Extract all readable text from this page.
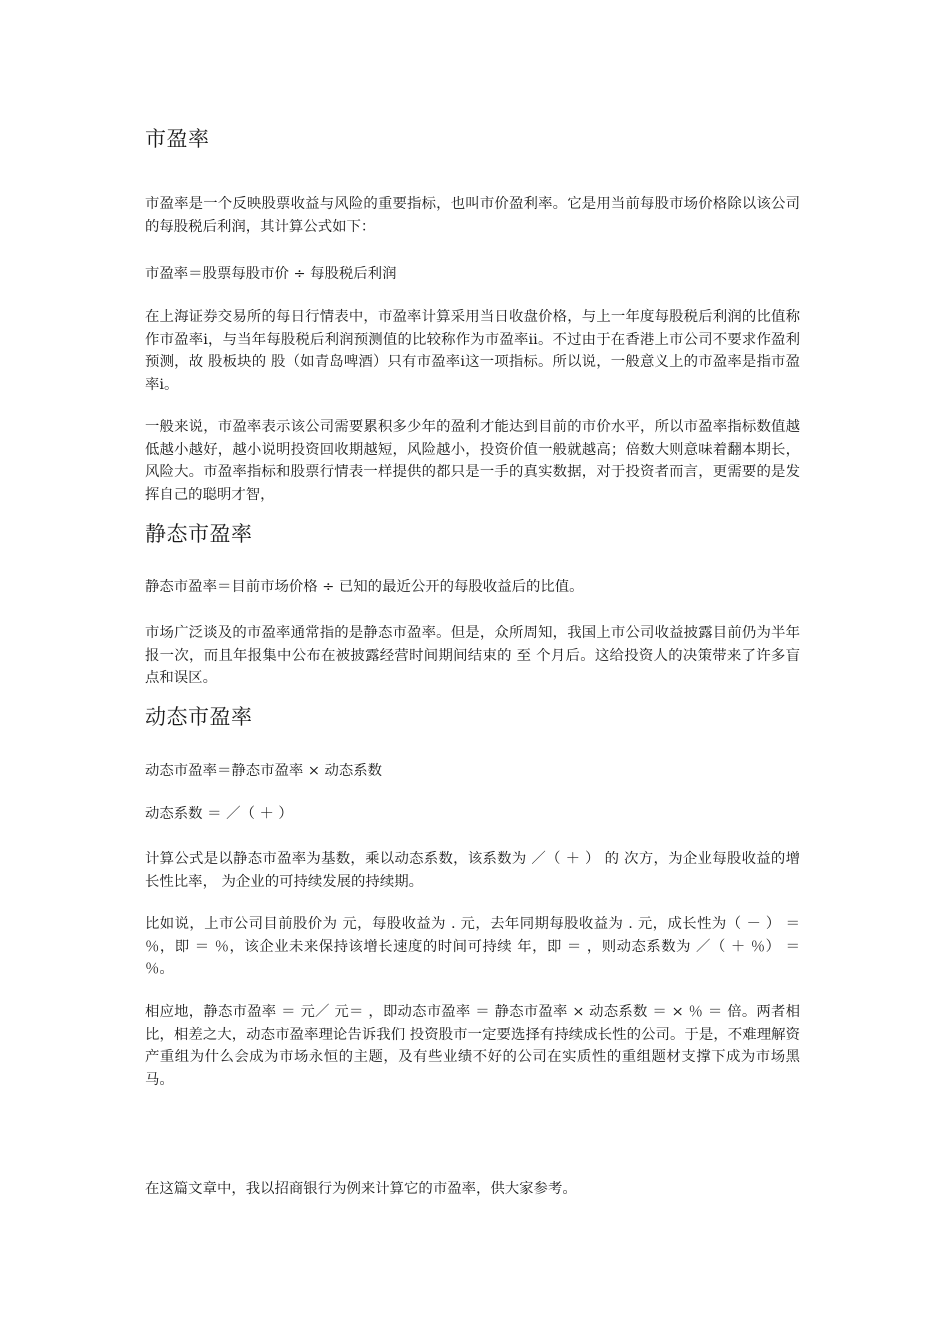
市盈率
市盈率是一个反映股票收益与风险的重要指标，也叫市价盈利率。它是用当前每股市场价格除以该公司的每股税后利润，其计算公式如下：
市盈率＝股票每股市价 ÷ 每股税后利润
在上海证券交易所的每日行情表中，市盈率计算采用当日收盘价格，与上一年度每股税后利润的比值称作市盈率ⅰ，与当年每股税后利润预测值的比较称作为市盈率ⅱ。不过由于在香港上市公司不要求作盈利预测，故 股板块的 股（如青岛啤酒）只有市盈率ⅰ这一项指标。所以说，一般意义上的市盈率是指市盈率ⅰ。
一般来说，市盈率表示该公司需要累积多少年的盈利才能达到目前的市价水平，所以市盈率指标数值越低越小越好，越小说明投资回收期越短，风险越小，投资价值一般就越高；倍数大则意味着翻本期长，风险大。市盈率指标和股票行情表一样提供的都只是一手的真实数据，对于投资者而言，更需要的是发挥自己的聪明才智，
静态市盈率
静态市盈率＝目前市场价格 ÷ 已知的最近公开的每股收益后的比值。
市场广泛谈及的市盈率通常指的是静态市盈率。但是，众所周知，我国上市公司收益披露目前仍为半年报一次，而且年报集中公布在被披露经营时间期间结束的 至 个月后。这给投资人的决策带来了许多盲点和误区。
动态市盈率
动态市盈率＝静态市盈率 × 动态系数
动态系数 ＝ ／（ ＋ ）
计算公式是以静态市盈率为基数，乘以动态系数，该系数为 ／（ ＋ ） 的 次方，为企业每股收益的增长性比率， 为企业的可持续发展的持续期。
比如说，上市公司目前股价为 元，每股收益为 . 元，去年同期每股收益为 . 元，成长性为（ － ） ＝ ％，即 ＝ ％，该企业未来保持该增长速度的时间可持续 年，即 ＝ ，则动态系数为 ／（ ＋ ％） ＝ ％。
相应地，静态市盈率 ＝ 元／ 元＝ ，即动态市盈率 ＝ 静态市盈率 × 动态系数 ＝ × ％ ＝ 倍。两者相比，相差之大，动态市盈率理论告诉我们 投资股市一定要选择有持续成长性的公司。于是，不难理解资产重组为什么会成为市场永恒的主题，及有些业绩不好的公司在实质性的重组题材支撑下成为市场黑马。
在这篇文章中，我以招商银行为例来计算它的市盈率，供大家参考。
